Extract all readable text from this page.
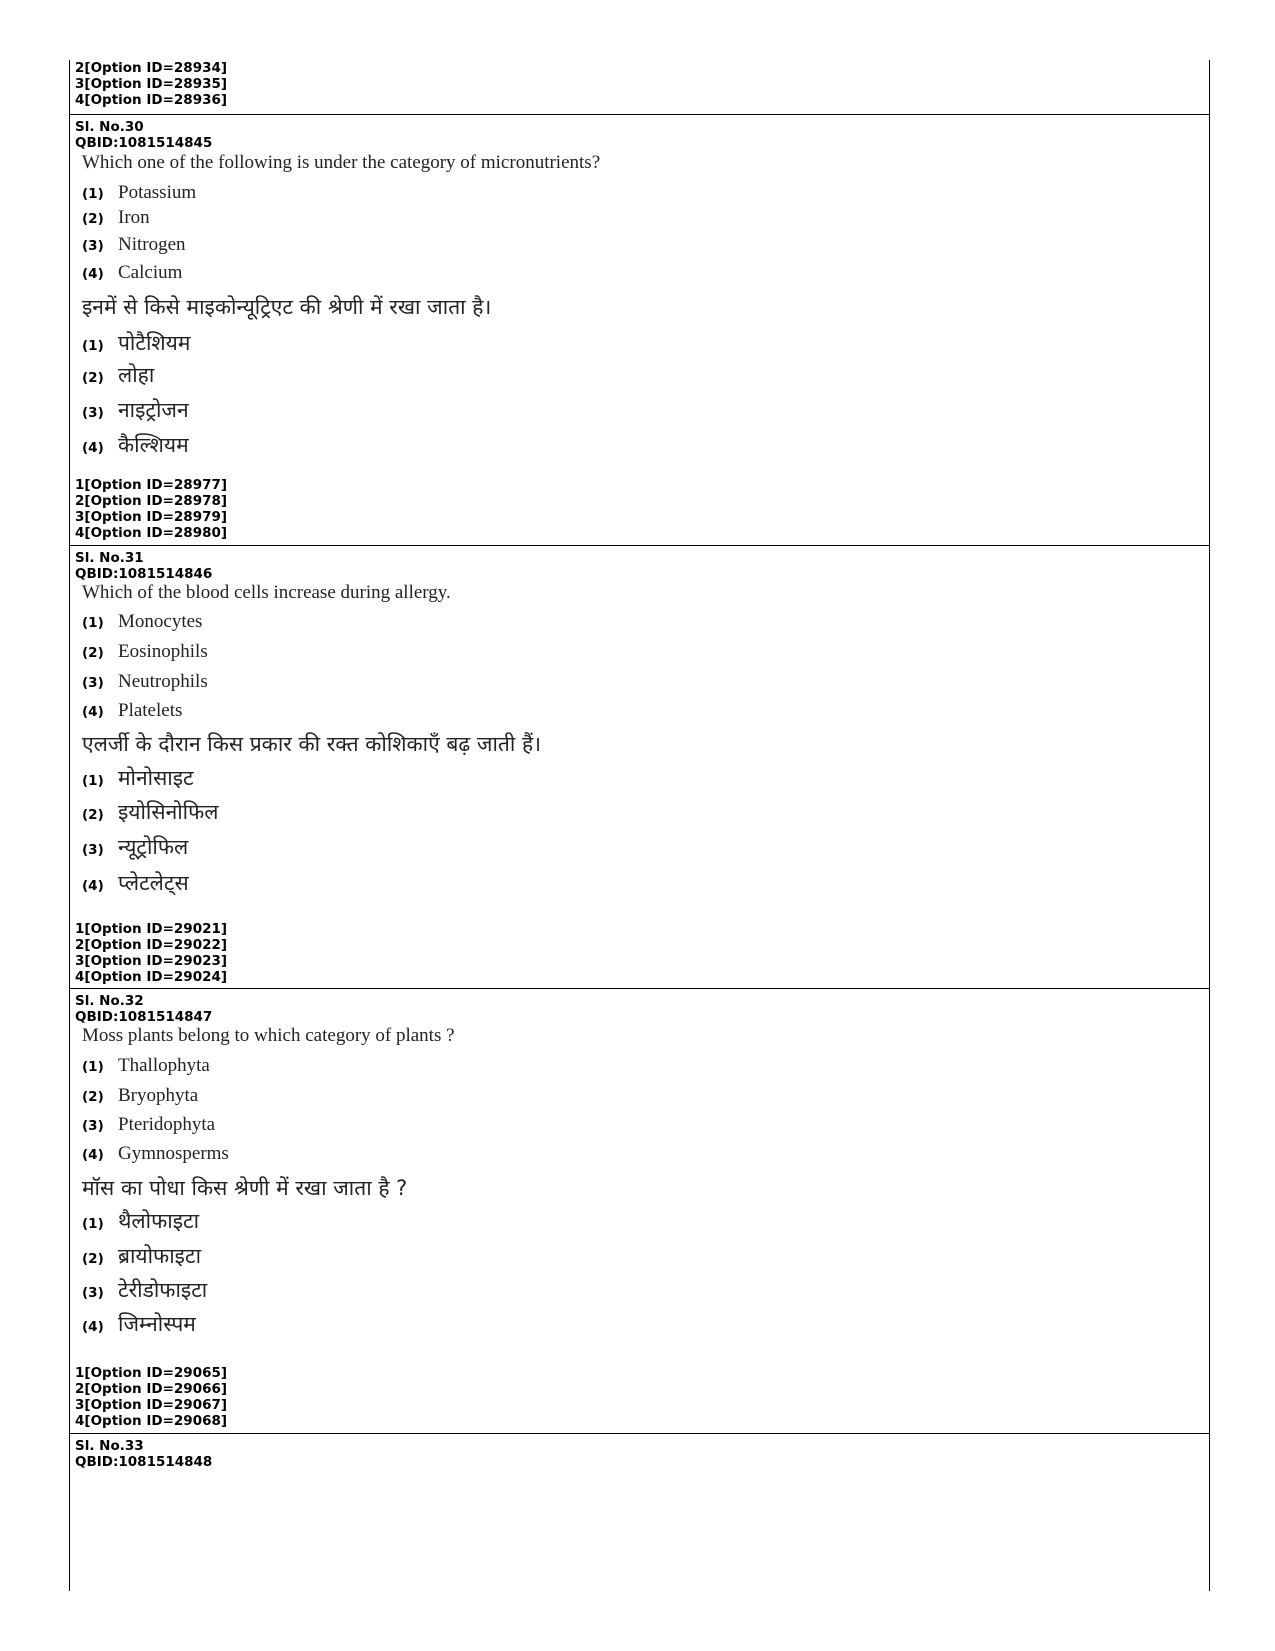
2[Option ID=28934]
3[Option ID=28935]
4[Option ID=28936]
Sl. No.30
QBID:1081514845
Which one of the following is under the category of micronutrients?
(1) Potassium
(2) Iron
(3) Nitrogen
(4) Calcium
इनमें से किसे माइकोन्यूट्रिएट की श्रेणी में रखा जाता है।
(1) पोटैशियम
(2) लोहा
(3) नाइट्रोजन
(4) कैल्शियम
1[Option ID=28977]
2[Option ID=28978]
3[Option ID=28979]
4[Option ID=28980]
Sl. No.31
QBID:1081514846
Which of the blood cells increase during allergy.
(1) Monocytes
(2) Eosinophils
(3) Neutrophils
(4) Platelets
एलर्जी के दौरान किस प्रकार की रक्त कोशिकाएँ बढ़ जाती हैं।
(1) मोनोसाइट
(2) इयोसिनोफिल
(3) न्यूट्रोफिल
(4) प्लेटलेट्स
1[Option ID=29021]
2[Option ID=29022]
3[Option ID=29023]
4[Option ID=29024]
Sl. No.32
QBID:1081514847
Moss plants belong to which category of plants ?
(1) Thallophyta
(2) Bryophyta
(3) Pteridophyta
(4) Gymnosperms
मॉस का पोधा किस श्रेणी में रखा जाता है ?
(1) थैलोफाइटा
(2) ब्रायोफाइटा
(3) टेरीडोफाइटा
(4) जिम्नोस्पम
1[Option ID=29065]
2[Option ID=29066]
3[Option ID=29067]
4[Option ID=29068]
Sl. No.33
QBID:1081514848
